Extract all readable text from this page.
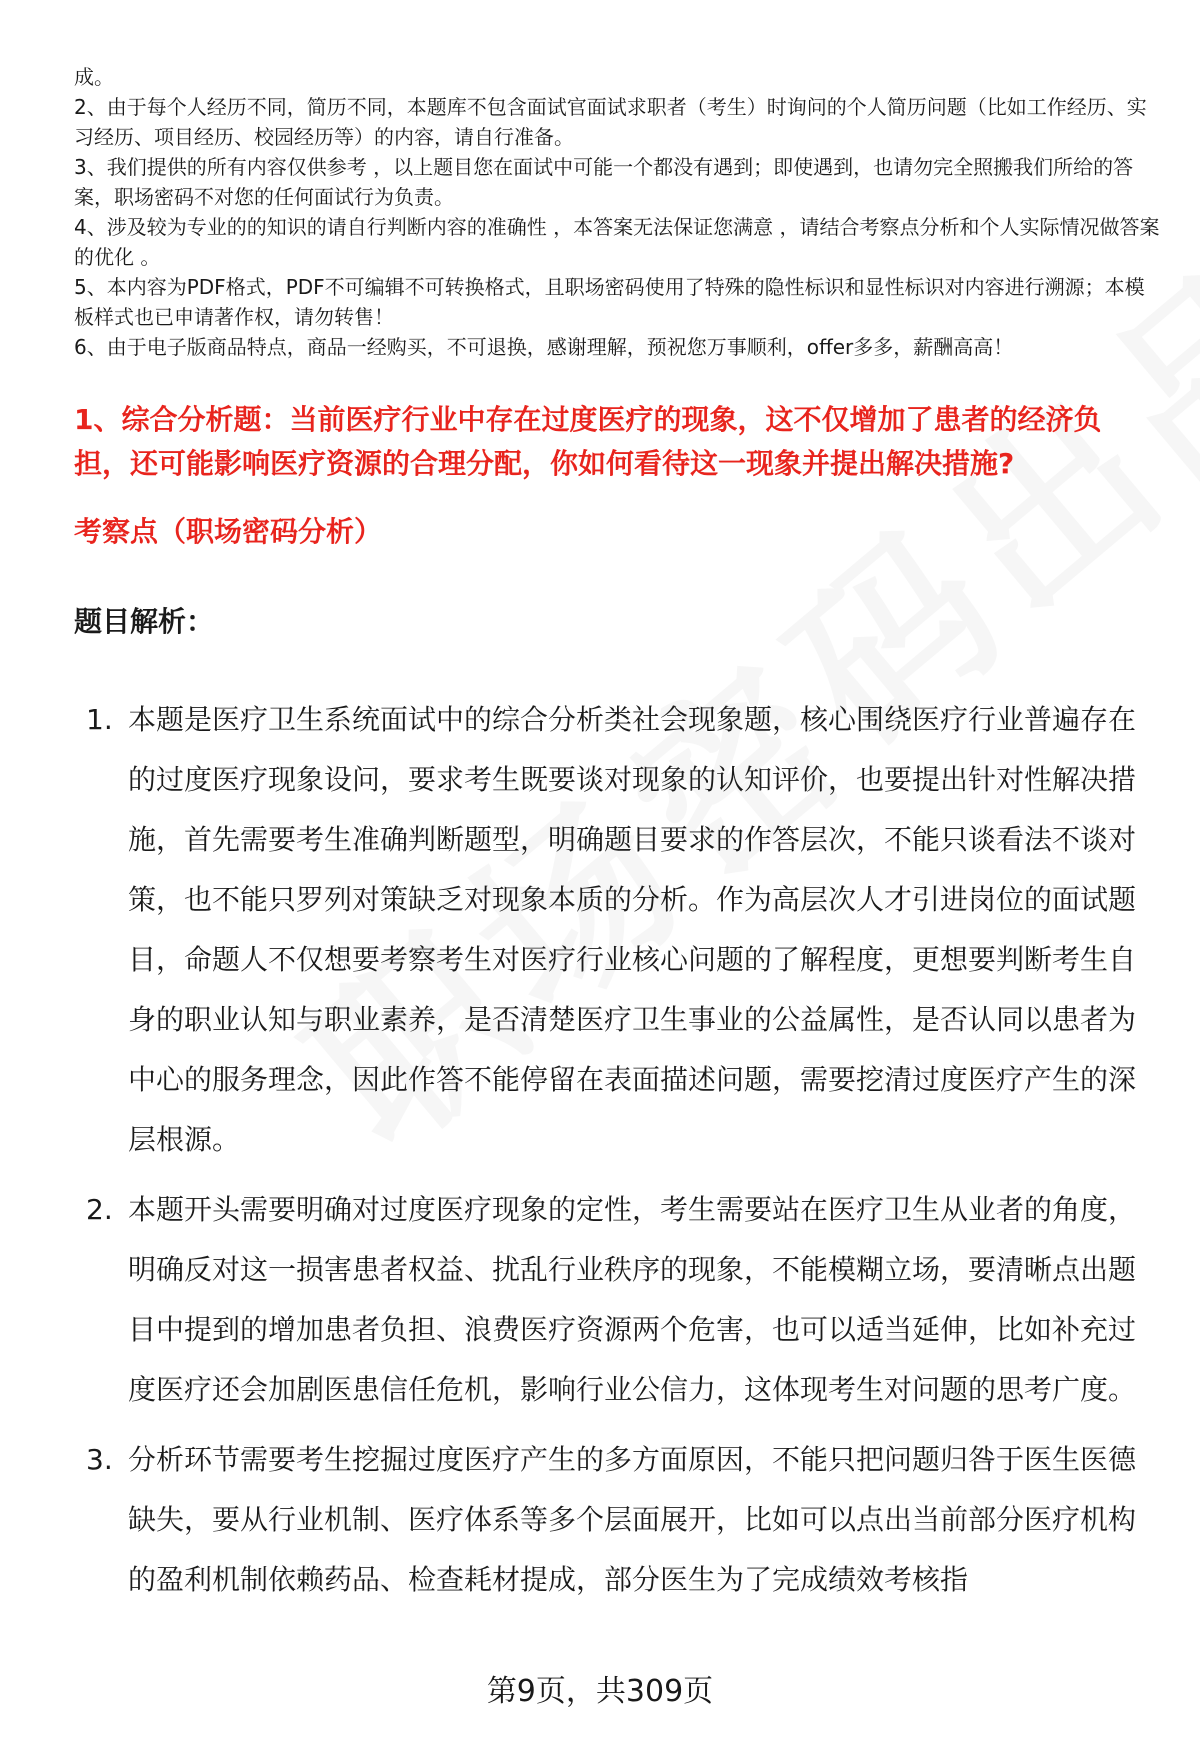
成。

2、由于每个人经历不同，简历不同，本题库不包含面试官面试求职者（考生）时询问的个人简历问题（比如工作经历、实习经历、项目经历、校园经历等）的内容，请自行准备。

3、我们提供的所有内容仅供参考 ，以上题目您在面试中可能一个都没有遇到；即使遇到，也请勿完全照搬我们所给的答案，职场密码不对您的任何面试行为负责。

4、涉及较为专业的的知识的请自行判断内容的准确性 ，本答案无法保证您满意 ，请结合考察点分析和个人实际情况做答案的优化 。

5、本内容为PDF格式，PDF不可编辑不可转换格式，且职场密码使用了特殊的隐性标识和显性标识对内容进行溯源；本模板样式也已申请著作权，请勿转售！

6、由于电子版商品特点，商品一经购买，不可退换，感谢理解，预祝您万事顺利，offer多多，薪酬高高！

1、综合分析题：当前医疗行业中存在过度医疗的现象，这不仅增加了患者的经济负担，还可能影响医疗资源的合理分配，你如何看待这一现象并提出解决措施?
考察点（职场密码分析）
题目解析：
1. 本题是医疗卫生系统面试中的综合分析类社会现象题，核心围绕医疗行业普遍存在的过度医疗现象设问，要求考生既要谈对现象的认知评价，也要提出针对性解决措施，首先需要考生准确判断题型，明确题目要求的作答层次，不能只谈看法不谈对策，也不能只罗列对策缺乏对现象本质的分析。作为高层次人才引进岗位的面试题目，命题人不仅想要考察考生对医疗行业核心问题的了解程度，更想要判断考生自身的职业认知与职业素养，是否清楚医疗卫生事业的公益属性，是否认同以患者为中心的服务理念，因此作答不能停留在表面描述问题，需要挖清过度医疗产生的深层根源。
2. 本题开头需要明确对过度医疗现象的定性，考生需要站在医疗卫生从业者的角度，明确反对这一损害患者权益、扰乱行业秩序的现象，不能模糊立场，要清晰点出题目中提到的增加患者负担、浪费医疗资源两个危害，也可以适当延伸，比如补充过度医疗还会加剧医患信任危机，影响行业公信力，这体现考生对问题的思考广度。
3. 分析环节需要考生挖掘过度医疗产生的多方面原因，不能只把问题归咎于医生医德缺失，要从行业机制、医疗体系等多个层面展开，比如可以点出当前部分医疗机构的盈利机制依赖药品、检查耗材提成，部分医生为了完成绩效考核指
第9页，共309页
